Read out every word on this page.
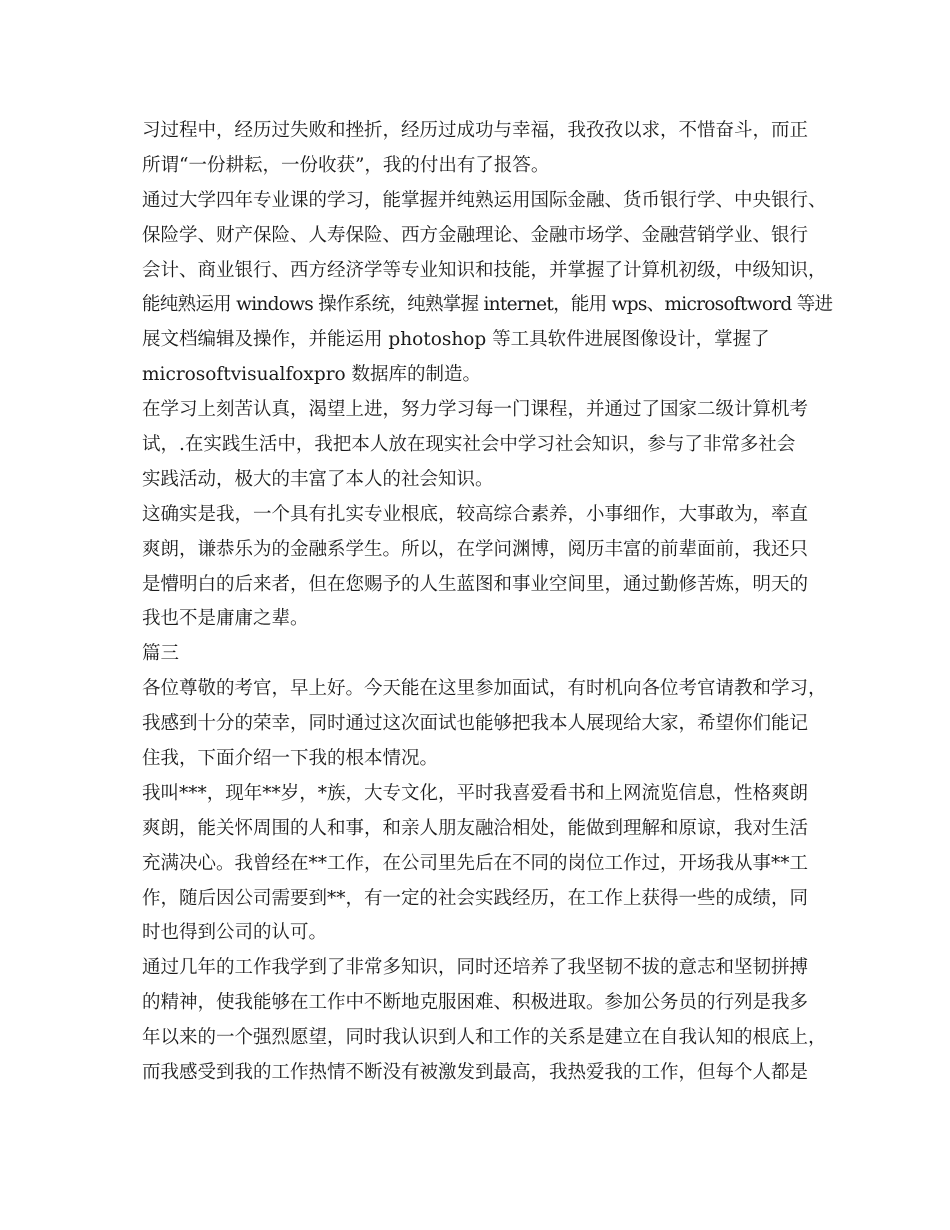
习过程中，经历过失败和挫折，经历过成功与幸福，我孜孜以求，不惜奋斗，而正
所谓“一份耕耘，一份收获”，我的付出有了报答。
通过大学四年专业课的学习，能掌握并纯熟运用国际金融、货币银行学、中央银行、
保险学、财产保险、人寿保险、西方金融理论、金融市场学、金融营销学业、银行
会计、商业银行、西方经济学等专业知识和技能，并掌握了计算机初级，中级知识，
能纯熟运用 windows 操作系统，纯熟掌握 internet，能用 wps、microsoftword 等进
展文档编辑及操作，并能运用 photoshop 等工具软件进展图像设计，掌握了
microsoftvisualfoxpro 数据库的制造。
在学习上刻苦认真，渴望上进，努力学习每一门课程，并通过了国家二级计算机考
试，.在实践生活中，我把本人放在现实社会中学习社会知识，参与了非常多社会
实践活动，极大的丰富了本人的社会知识。
这确实是我，一个具有扎实专业根底，较高综合素养，小事细作，大事敢为，率直
爽朗，谦恭乐为的金融系学生。所以，在学问渊博，阅历丰富的前辈面前，我还只
是懵明白的后来者，但在您赐予的人生蓝图和事业空间里，通过勤修苦炼，明天的
我也不是庸庸之辈。
篇三
各位尊敬的考官，早上好。今天能在这里参加面试，有时机向各位考官请教和学习，
我感到十分的荣幸，同时通过这次面试也能够把我本人展现给大家，希望你们能记
住我，下面介绍一下我的根本情况。
我叫***，现年**岁，*族，大专文化，平时我喜爱看书和上网流览信息，性格爽朗
爽朗，能关怀周围的人和事，和亲人朋友融洽相处，能做到理解和原谅，我对生活
充满决心。我曾经在**工作，在公司里先后在不同的岗位工作过，开场我从事**工
作，随后因公司需要到**，有一定的社会实践经历，在工作上获得一些的成绩，同
时也得到公司的认可。
通过几年的工作我学到了非常多知识，同时还培养了我坚韧不拔的意志和坚韧拼搏
的精神，使我能够在工作中不断地克服困难、积极进取。参加公务员的行列是我多
年以来的一个强烈愿望，同时我认识到人和工作的关系是建立在自我认知的根底上，
而我感受到我的工作热情不断没有被激发到最高，我热爱我的工作，但每个人都是
